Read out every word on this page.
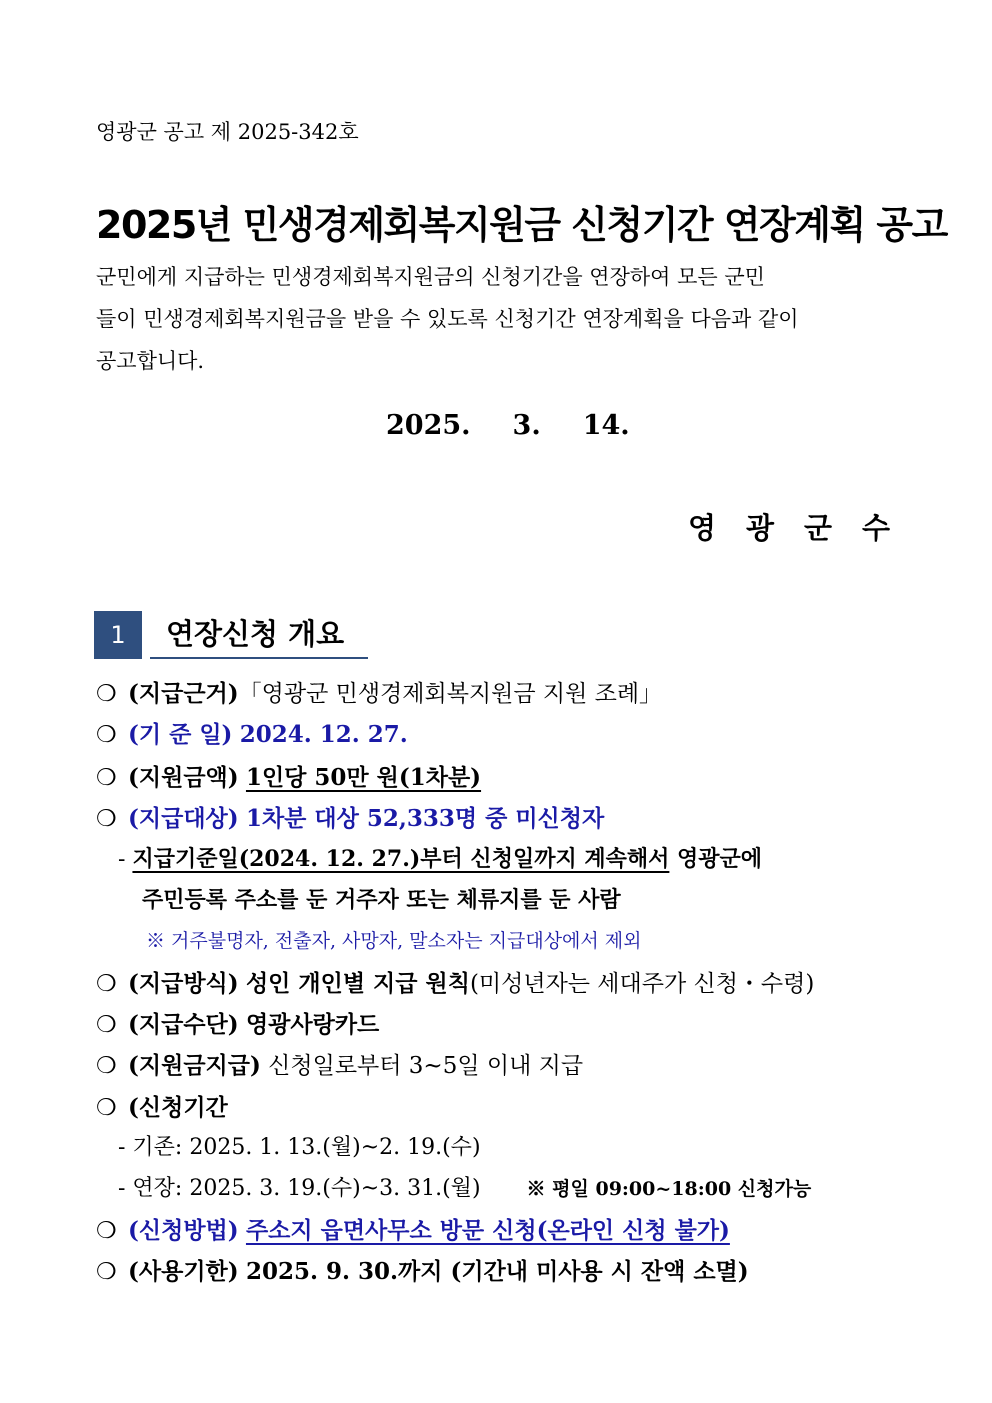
영광군 공고 제 2025-342호
2025년 민생경제회복지원금 신청기간 연장계획 공고
군민에게 지급하는 민생경제회복지원금의 신청기간을 연장하여 모든 군민
들이 민생경제회복지원금을 받을 수 있도록 신청기간 연장계획을 다음과 같이
공고합니다.
2025. 3. 14.
영 광 군 수
1	연장신청 개요
❍ (지급근거)「영광군 민생경제회복지원금 지원 조례」
❍ (기 준 일) 2024. 12. 27.
❍ (지원금액) 1인당 50만 원(1차분)
❍ (지급대상) 1차분 대상 52,333명 중 미신청자
- 지급기준일(2024. 12. 27.)부터 신청일까지 계속해서 영광군에
주민등록 주소를 둔 거주자 또는 체류지를 둔 사람
※ 거주불명자, 전출자, 사망자, 말소자는 지급대상에서 제외
❍ (지급방식) 성인 개인별 지급 원칙(미성년자는 세대주가 신청・수령)
❍ (지급수단) 영광사랑카드
❍ (지원금지급) 신청일로부터 3~5일 이내 지급
❍ (신청기간
- 기존: 2025. 1. 13.(월)~2. 19.(수)
- 연장: 2025. 3. 19.(수)~3. 31.(월) ※ 평일 09:00~18:00 신청가능
❍ (신청방법) 주소지 읍면사무소 방문 신청(온라인 신청 불가)
❍ (사용기한) 2025. 9. 30.까지 (기간내 미사용 시 잔액 소멸)
